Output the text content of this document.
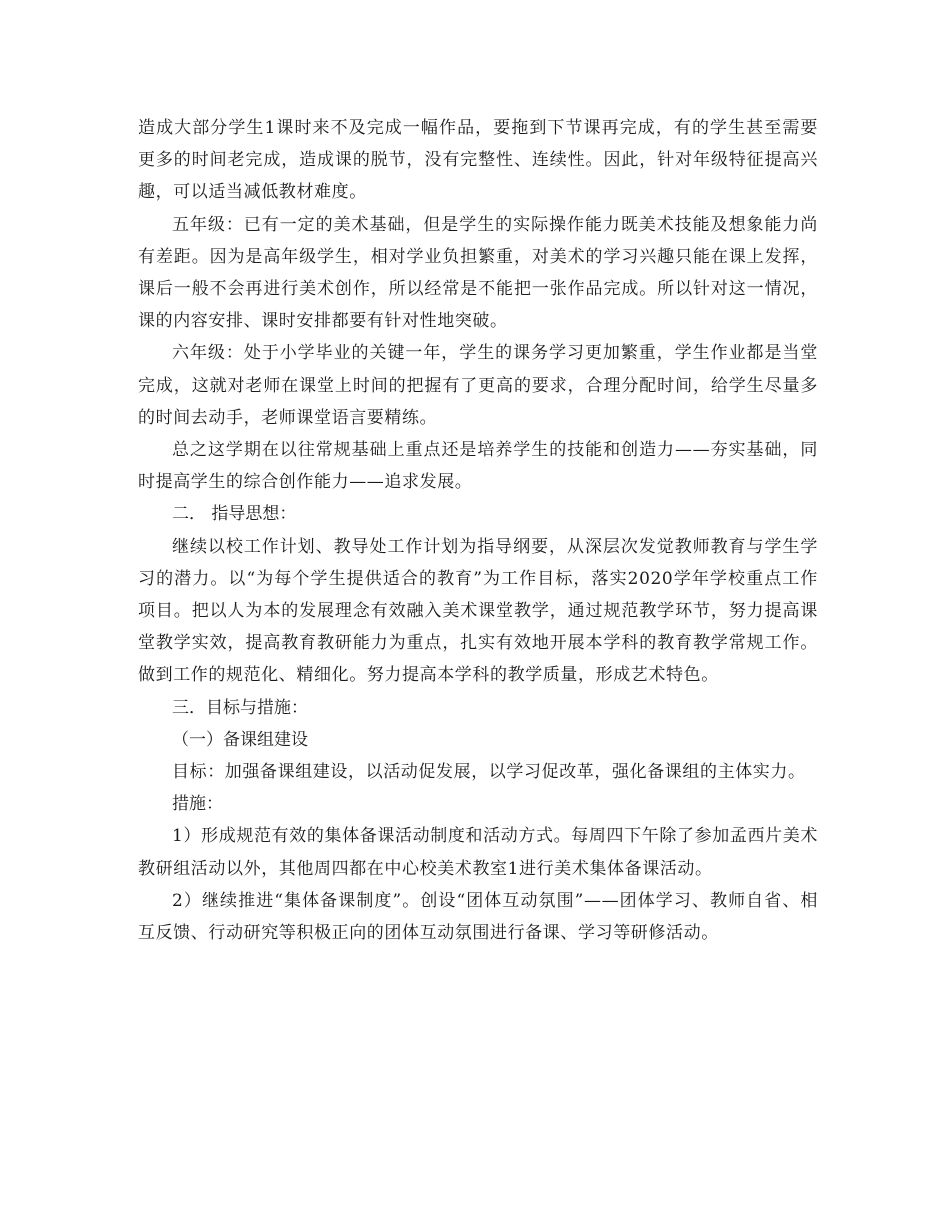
造成大部分学生1课时来不及完成一幅作品，要拖到下节课再完成，有的学生甚至需要更多的时间老完成，造成课的脱节，没有完整性、连续性。因此，针对年级特征提高兴趣，可以适当减低教材难度。

五年级：已有一定的美术基础，但是学生的实际操作能力既美术技能及想象能力尚有差距。因为是高年级学生，相对学业负担繁重，对美术的学习兴趣只能在课上发挥，课后一般不会再进行美术创作，所以经常是不能把一张作品完成。所以针对这一情况，课的内容安排、课时安排都要有针对性地突破。

六年级：处于小学毕业的关键一年，学生的课务学习更加繁重，学生作业都是当堂完成，这就对老师在课堂上时间的把握有了更高的要求，合理分配时间，给学生尽量多的时间去动手，老师课堂语言要精练。

总之这学期在以往常规基础上重点还是培养学生的技能和创造力——夯实基础，同时提高学生的综合创作能力——追求发展。

二． 指导思想：

继续以校工作计划、教导处工作计划为指导纲要，从深层次发觉教师教育与学生学习的潜力。以“为每个学生提供适合的教育”为工作目标，落实2020学年学校重点工作项目。把以人为本的发展理念有效融入美术课堂教学，通过规范教学环节，努力提高课堂教学实效，提高教育教研能力为重点，扎实有效地开展本学科的教育教学常规工作。做到工作的规范化、精细化。努力提高本学科的教学质量，形成艺术特色。

三．目标与措施：

（一）备课组建设

目标：加强备课组建设，以活动促发展，以学习促改革，强化备课组的主体实力。

措施：

1）形成规范有效的集体备课活动制度和活动方式。每周四下午除了参加孟西片美术教研组活动以外，其他周四都在中心校美术教室1进行美术集体备课活动。

2）继续推进“集体备课制度”。创设“团体互动氛围”——团体学习、教师自省、相互反馈、行动研究等积极正向的团体互动氛围进行备课、学习等研修活动。
